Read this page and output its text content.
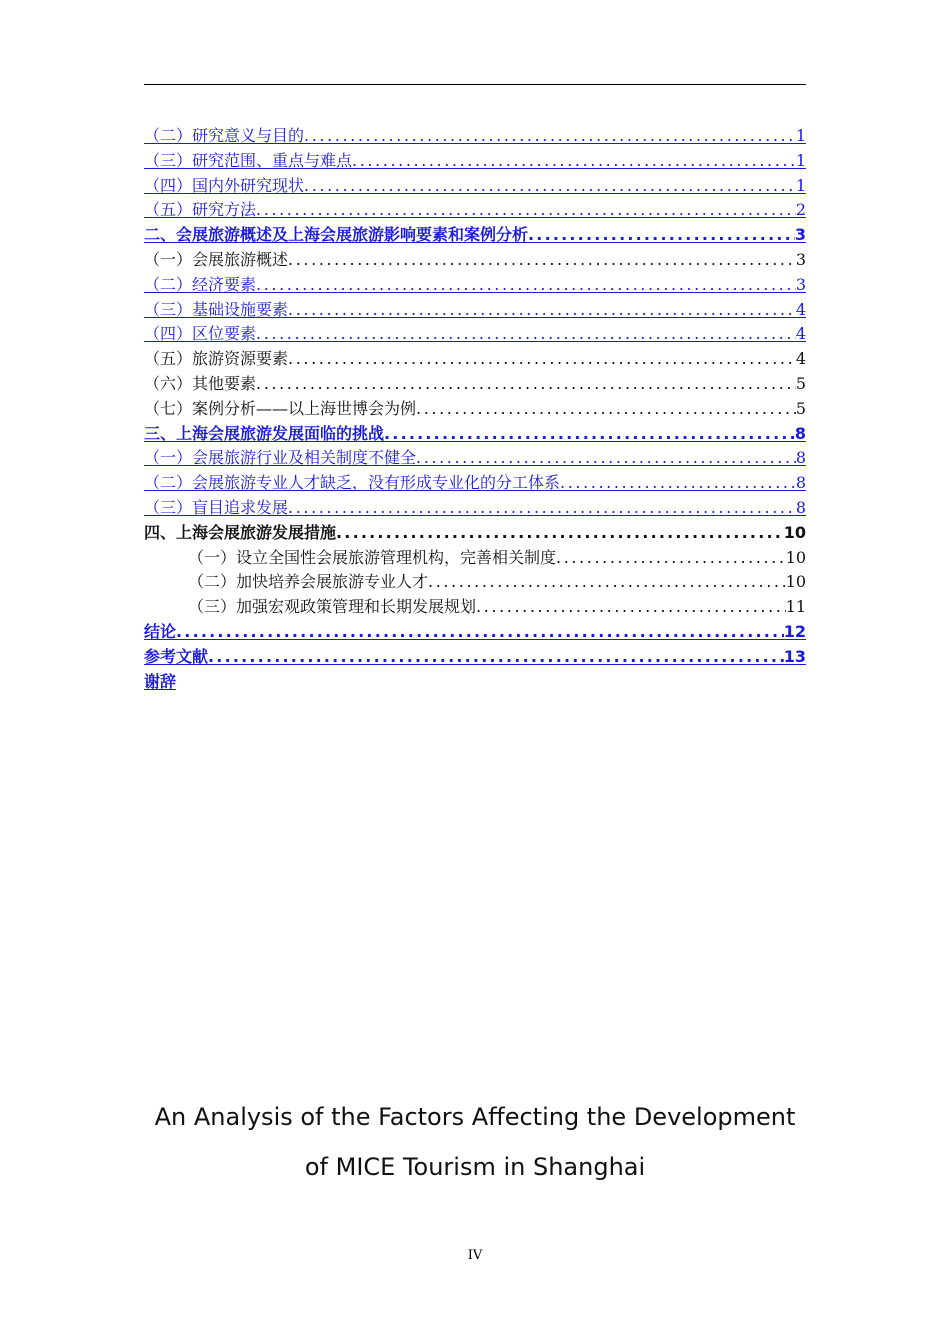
（二）研究意义与目的 .....	1
（三）研究范围、重点与难点 .....	1
（四）国内外研究现状 .....	1
（五）研究方法 .....	2
二、会展旅游概述及上海会展旅游影响要素和案例分析 .....	3
（一）会展旅游概述 .....	3
（二）经济要素 .....	3
（三）基础设施要素 .....	4
（四）区位要素 .....	4
（五）旅游资源要素 .....	4
（六）其他要素 .....	5
（七）案例分析——以上海世博会为例 .....	5
三、上海会展旅游发展面临的挑战 .....	8
（一）会展旅游行业及相关制度不健全 .....	8
（二）会展旅游专业人才缺乏，没有形成专业化的分工体系 .....	8
（三）盲目追求发展 .....	8
四、上海会展旅游发展措施 .....	10
（一）设立全国性会展旅游管理机构，完善相关制度 .....	10
（二）加快培养会展旅游专业人才 .....	10
（三）加强宏观政策管理和长期发展规划 .....	11
结论 .....	12
参考文献 .....	13
谢辞
An Analysis of the Factors Affecting the Development
of MICE Tourism in Shanghai
IV
